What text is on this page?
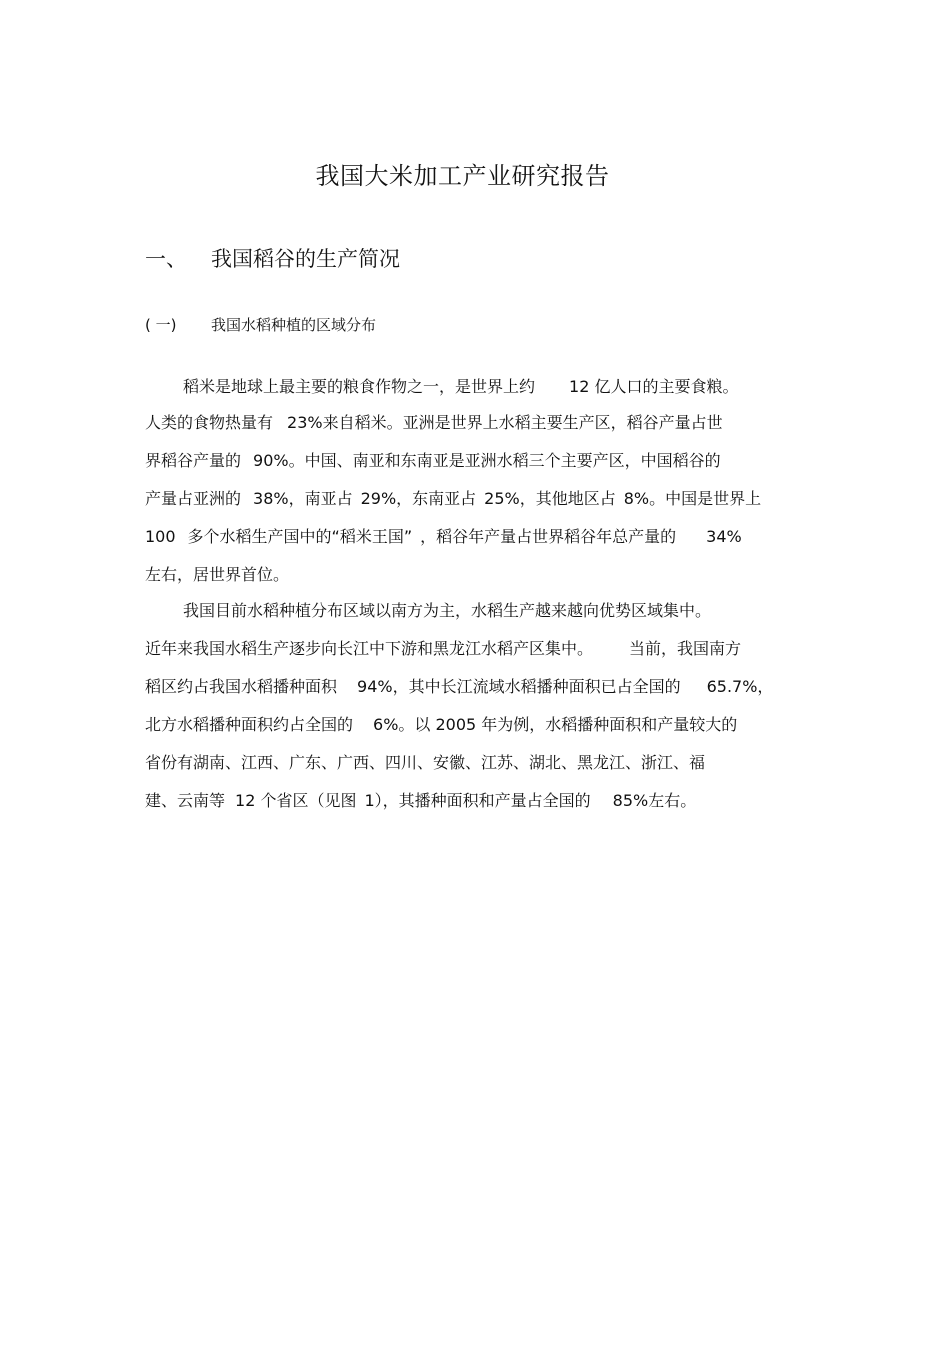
我国大米加工产业研究报告
一、	我国稻谷的生产简况
( 一)	我国水稻种植的区域分布
稻米是地球上最主要的粮食作物之一，是世界上约 12 亿人口的主要食粮。
人类的食物热量有 23%来自稻米。亚洲是世界上水稻主要生产区，稻谷产量占世
界稻谷产量的 90%。中国、南亚和东南亚是亚洲水稻三个主要产区，中国稻谷的
产量占亚洲的 38%，南亚占 29%，东南亚占 25%，其他地区占 8%。中国是世界上
100 多个水稻生产国中的“稻米王国” ，稻谷年产量占世界稻谷年总产量的 34%
左右，居世界首位。
我国目前水稻种植分布区域以南方为主，水稻生产越来越向优势区域集中。
近年来我国水稻生产逐步向长江中下游和黑龙江水稻产区集中。 当前，我国南方
稻区约占我国水稻播种面积 94%，其中长江流域水稻播种面积已占全国的 65.7%，
北方水稻播种面积约占全国的 6%。以 2005 年为例，水稻播种面积和产量较大的
省份有湖南、江西、广东、广西、四川、安徽、江苏、湖北、黑龙江、浙江、福
建、云南等 12 个省区（见图 1），其播种面积和产量占全国的 85%左右。
